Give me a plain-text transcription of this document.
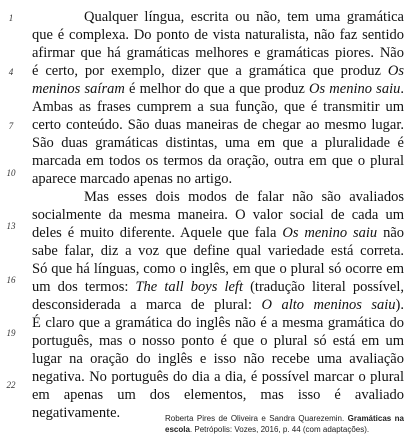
1
4
7
10
13
16
19
22
Qualquer língua, escrita ou não, tem uma gramática
que é complexa. Do ponto de vista naturalista, não faz sentido
afirmar que há gramáticas melhores e gramáticas piores. Não
é certo, por exemplo, dizer que a gramática que produz Os
meninos saíram é melhor do que a que produz Os menino saiu.
Ambas as frases cumprem a sua função, que é transmitir um
certo conteúdo. São duas maneiras de chegar ao mesmo lugar.
São duas gramáticas distintas, uma em que a pluralidade é
marcada em todos os termos da oração, outra em que o plural
aparece marcado apenas no artigo.
Mas esses dois modos de falar não são avaliados
socialmente da mesma maneira. O valor social de cada um
deles é muito diferente. Aquele que fala Os menino saiu não
sabe falar, diz a voz que define qual variedade está correta.
Só que há línguas, como o inglês, em que o plural só ocorre em
um dos termos: The tall boys left (tradução literal possível,
desconsiderada a marca de plural: O alto meninos saiu).
É claro que a gramática do inglês não é a mesma gramática do
português, mas o nosso ponto é que o plural só está em um
lugar na oração do inglês e isso não recebe uma avaliação
negativa. No português do dia a dia, é possível marcar o plural
em apenas um dos elementos, mas isso é avaliado
negativamente.	Roberta Pires de Oliveira e Sandra Quarezemin. Gramáticas na
escola. Petrópolis: Vozes, 2016, p. 44 (com adaptações).
